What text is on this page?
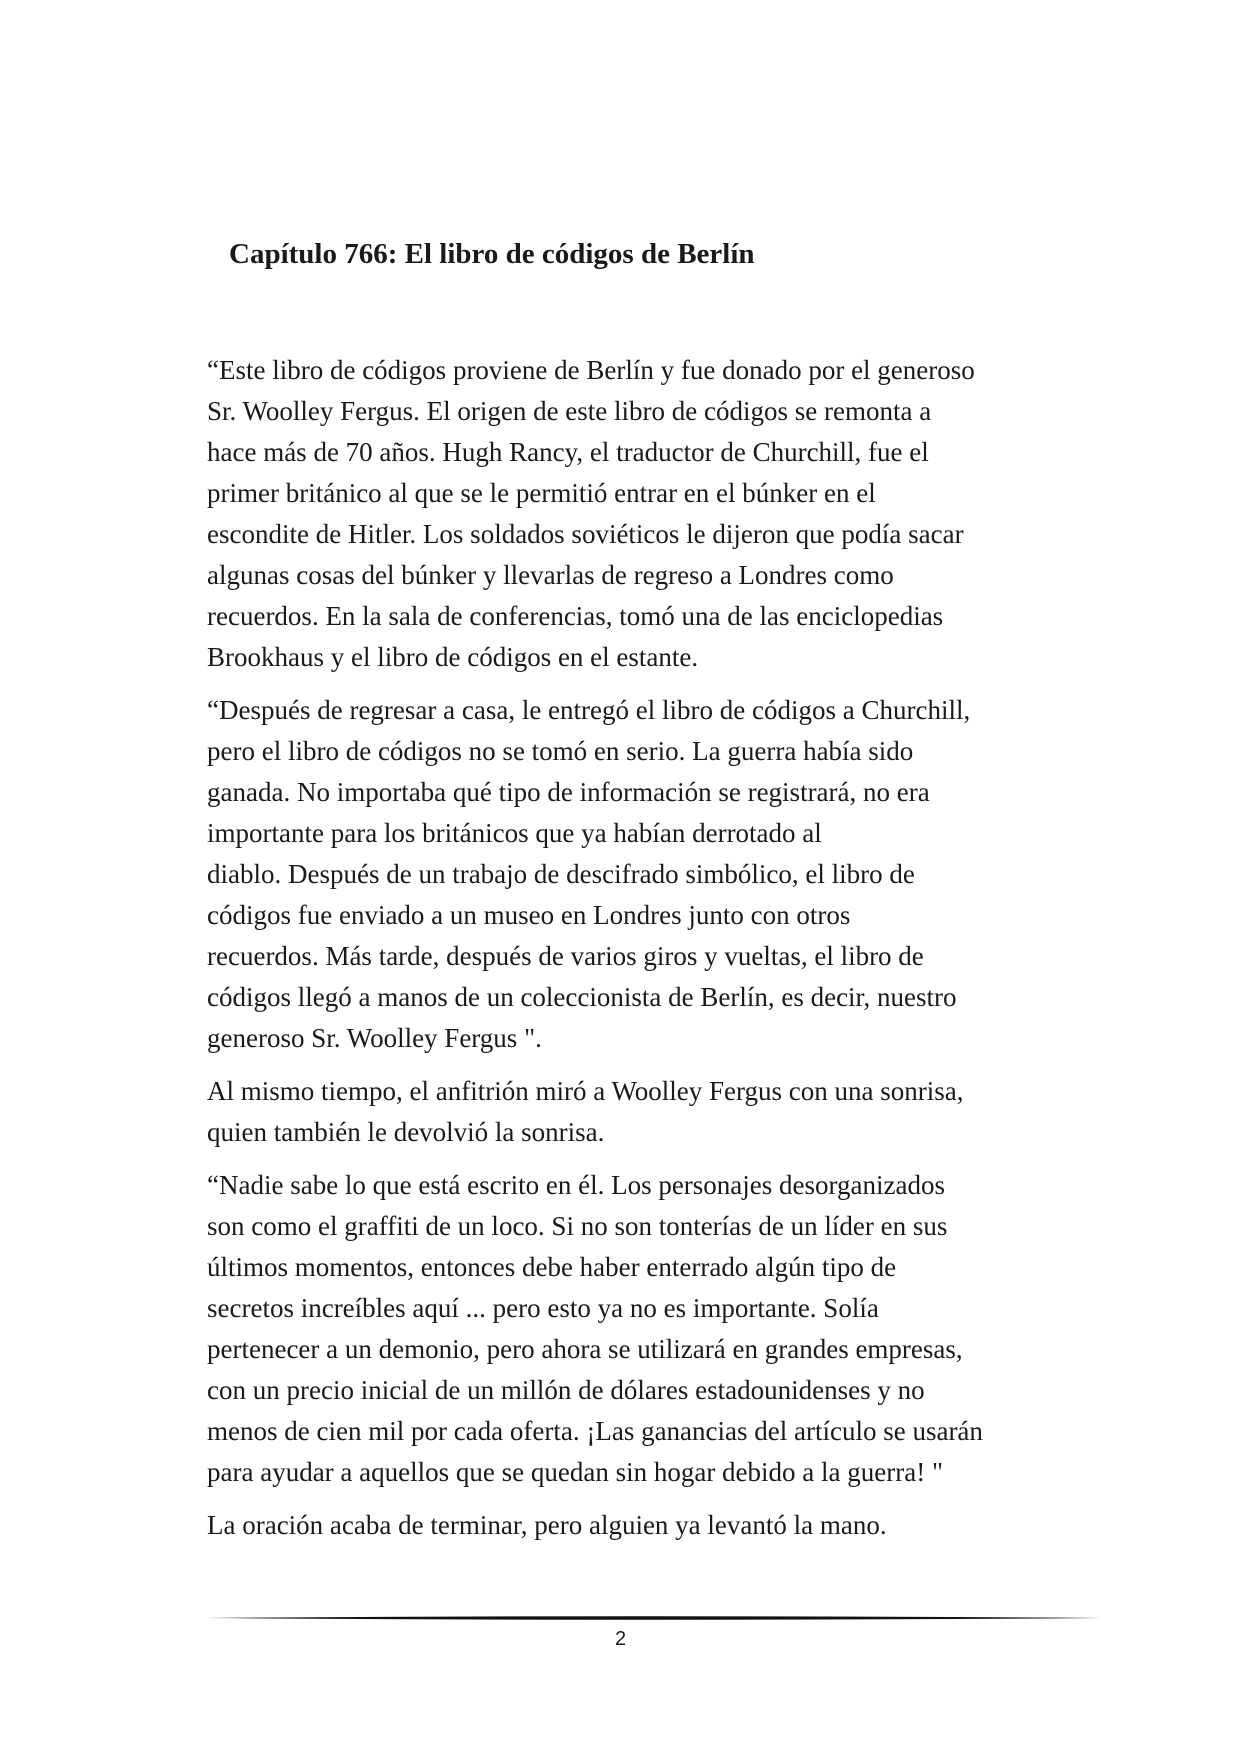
Capítulo 766: El libro de códigos de Berlín

“Este libro de códigos proviene de Berlín y fue donado por el generoso
Sr. Woolley Fergus. El origen de este libro de códigos se remonta a
hace más de 70 años. Hugh Rancy, el traductor de Churchill, fue el
primer británico al que se le permitió entrar en el búnker en el
escondite de Hitler. Los soldados soviéticos le dijeron que podía sacar
algunas cosas del búnker y llevarlas de regreso a Londres como
recuerdos. En la sala de conferencias, tomó una de las enciclopedias
Brookhaus y el libro de códigos en el estante.

“Después de regresar a casa, le entregó el libro de códigos a Churchill,
pero el libro de códigos no se tomó en serio. La guerra había sido
ganada. No importaba qué tipo de información se registrará, no era
importante para los británicos que ya habían derrotado al
diablo. Después de un trabajo de descifrado simbólico, el libro de
códigos fue enviado a un museo en Londres junto con otros
recuerdos. Más tarde, después de varios giros y vueltas, el libro de
códigos llegó a manos de un coleccionista de Berlín, es decir, nuestro
generoso Sr. Woolley Fergus ".

Al mismo tiempo, el anfitrión miró a Woolley Fergus con una sonrisa,
quien también le devolvió la sonrisa.

“Nadie sabe lo que está escrito en él. Los personajes desorganizados
son como el graffiti de un loco. Si no son tonterías de un líder en sus
últimos momentos, entonces debe haber enterrado algún tipo de
secretos increíbles aquí ... pero esto ya no es importante. Solía
pertenecer a un demonio, pero ahora se utilizará en grandes empresas,
con un precio inicial de un millón de dólares estadounidenses y no
menos de cien mil por cada oferta. ¡Las ganancias del artículo se usarán
para ayudar a aquellos que se quedan sin hogar debido a la guerra! "

La oración acaba de terminar, pero alguien ya levantó la mano.

2
